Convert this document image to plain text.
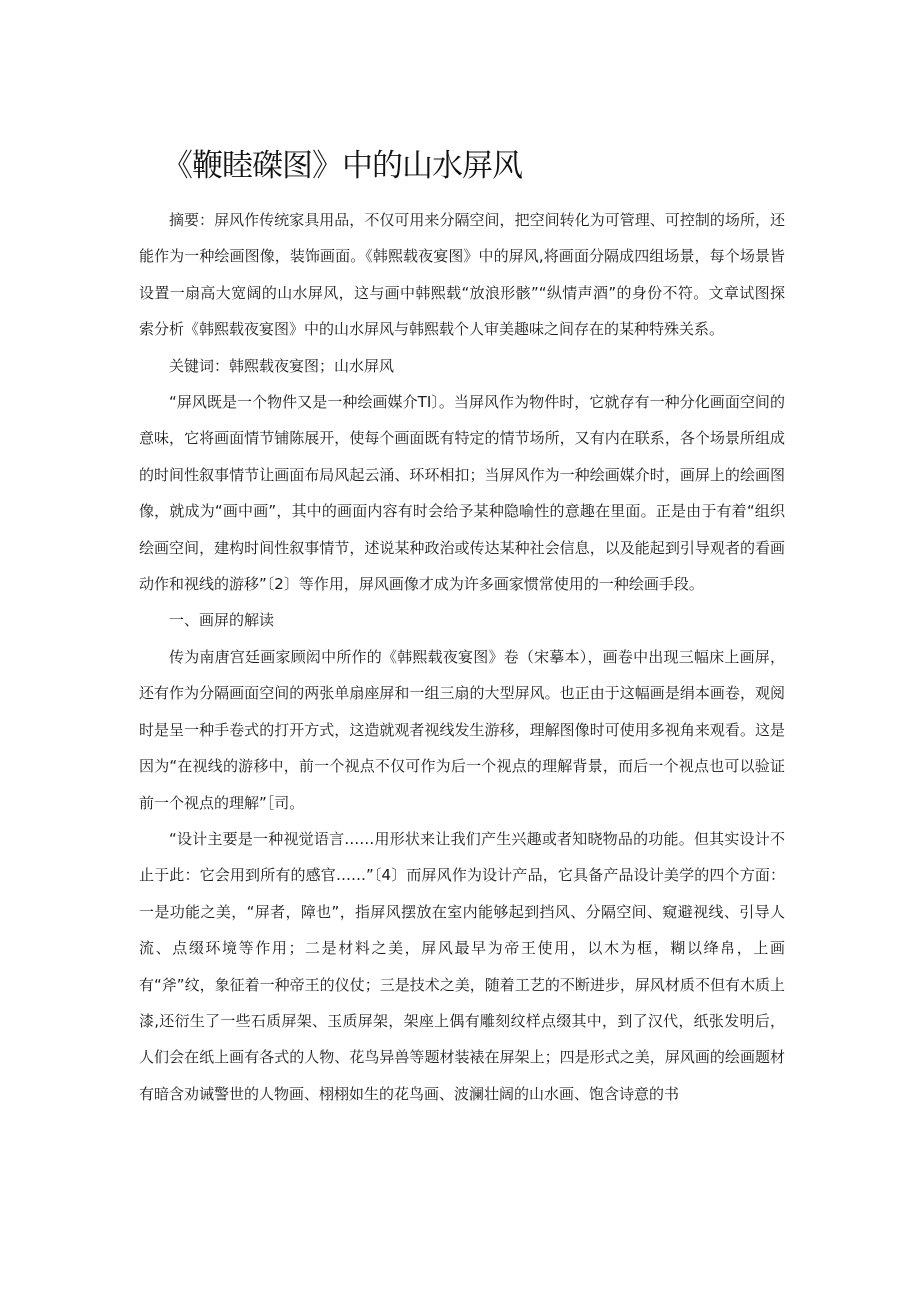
《鞭睦磔图》中的山水屏风

摘要：屏风作传统家具用品，不仅可用来分隔空间，把空间转化为可管理、可控制的场所，还能作为一种绘画图像，装饰画面。《韩熙载夜宴图》中的屏风,将画面分隔成四组场景，每个场景皆设置一扇高大宽阔的山水屏风，这与画中韩熙载“放浪形骸”“纵情声酒”的身份不符。文章试图探索分析《韩熙载夜宴图》中的山水屏风与韩熙载个人审美趣味之间存在的某种特殊关系。

关键词：韩熙载夜宴图；山水屏风

“屏风既是一个物件又是一种绘画媒介TI〕。当屏风作为物件时，它就存有一种分化画面空间的意味，它将画面情节铺陈展开，使每个画面既有特定的情节场所，又有内在联系，各个场景所组成的时间性叙事情节让画面布局风起云涌、环环相扣；当屏风作为一种绘画媒介时，画屏上的绘画图像，就成为“画中画”，其中的画面内容有时会给予某种隐喻性的意趣在里面。正是由于有着“组织绘画空间，建构时间性叙事情节，述说某种政治或传达某种社会信息，以及能起到引导观者的看画动作和视线的游移”〔2〕等作用，屏风画像才成为许多画家惯常使用的一种绘画手段。

一、画屏的解读

传为南唐宫廷画家顾闳中所作的《韩熙载夜宴图》卷（宋摹本），画卷中出现三幅床上画屏，还有作为分隔画面空间的两张单扇座屏和一组三扇的大型屏风。也正由于这幅画是绢本画卷，观阅时是呈一种手卷式的打开方式，这造就观者视线发生游移，理解图像时可使用多视角来观看。这是因为“在视线的游移中，前一个视点不仅可作为后一个视点的理解背景，而后一个视点也可以验证前一个视点的理解”［司。

“设计主要是一种视觉语言……用形状来让我们产生兴趣或者知晓物品的功能。但其实设计不止于此：它会用到所有的感官……”〔4〕而屏风作为设计产品，它具备产品设计美学的四个方面：一是功能之美，“屏者，障也”，指屏风摆放在室内能够起到挡风、分隔空间、窥避视线、引导人流、点缀环境等作用；二是材料之美，屏风最早为帝王使用，以木为框，糊以绛帛，上画有“斧”纹，象征着一种帝王的仪仗；三是技术之美，随着工艺的不断进步，屏风材质不但有木质上漆,还衍生了一些石质屏架、玉质屏架，架座上偶有雕刻纹样点缀其中，到了汉代，纸张发明后，人们会在纸上画有各式的人物、花鸟异兽等题材装裱在屏架上；四是形式之美，屏风画的绘画题材有暗含劝诫警世的人物画、栩栩如生的花鸟画、波澜壮阔的山水画、饱含诗意的书
